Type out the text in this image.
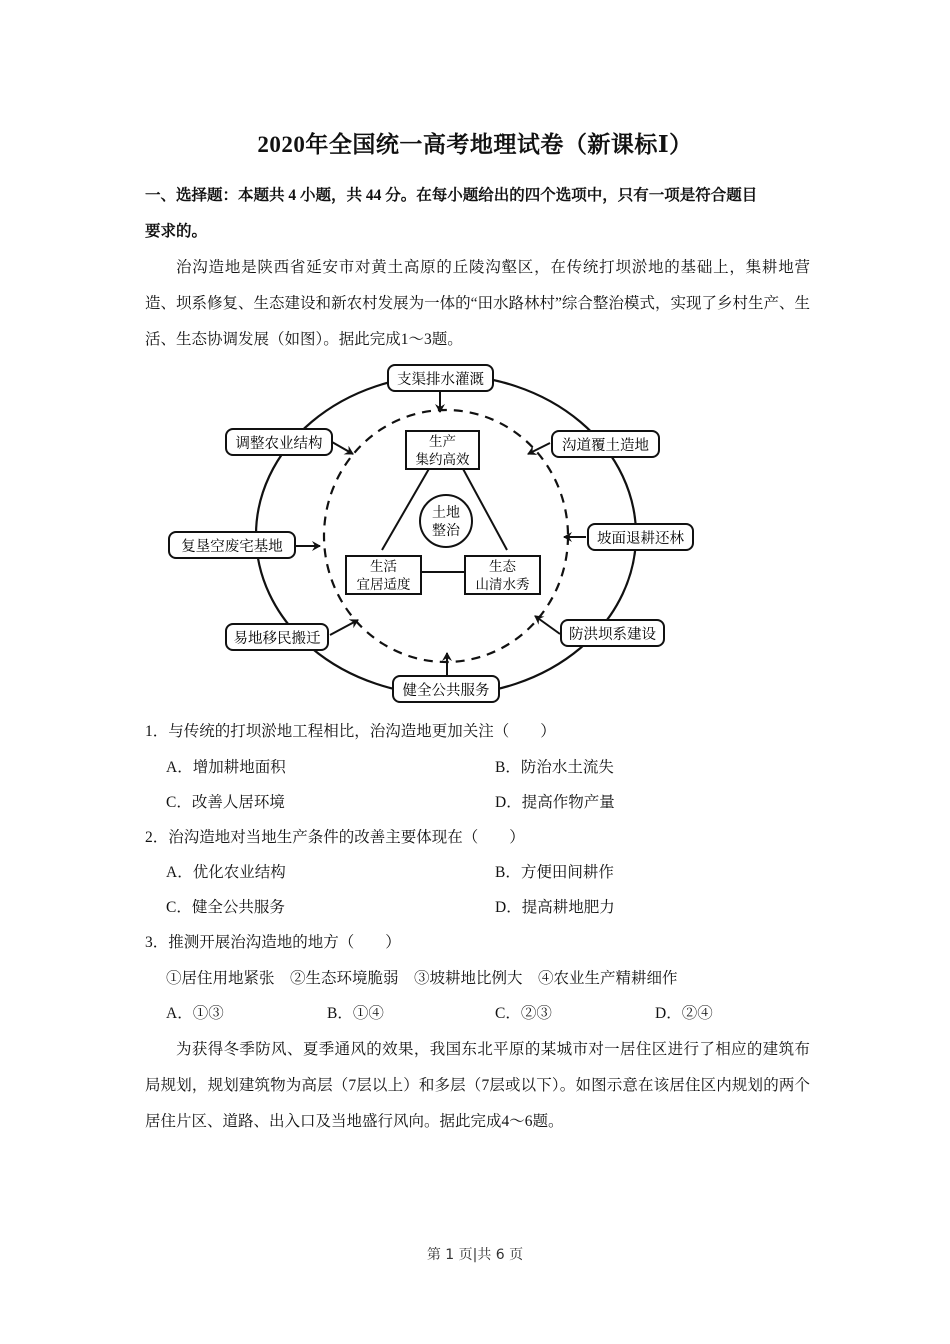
2020年全国统一高考地理试卷（新课标Ⅰ）
一、选择题：本题共 4 小题，共 44 分。在每小题给出的四个选项中，只有一项是符合题目
要求的。
治沟造地是陕西省延安市对黄土高原的丘陵沟壑区，在传统打坝淤地的基础上，集耕地营造、坝系修复、生态建设和新农村发展为一体的“田水路林村”综合整治模式，实现了乡村生产、生活、生态协调发展（如图）。据此完成1～3题。
土地
整治
生产
集约高效
生活
宜居适度
生态
山清水秀
支渠排水灌溉
调整农业结构	沟道覆土造地
复垦空废宅基地	坡面退耕还林
易地移民搬迁	防洪坝系建设
健全公共服务
1．与传统的打坝淤地工程相比，治沟造地更加关注（　　）
A．增加耕地面积	B．防治水土流失
C．改善人居环境	D．提高作物产量
2．治沟造地对当地生产条件的改善主要体现在（　　）
A．优化农业结构	B．方便田间耕作
C．健全公共服务	D．提高耕地肥力
3．推测开展治沟造地的地方（　　）
①居住用地紧张　②生态环境脆弱　③坡耕地比例大　④农业生产精耕细作
A．①③	B．①④	C．②③	D．②④
为获得冬季防风、夏季通风的效果，我国东北平原的某城市对一居住区进行了相应的建筑布局规划，规划建筑物为高层（7层以上）和多层（7层或以下）。如图示意在该居住区内规划的两个居住片区、道路、出入口及当地盛行风向。据此完成4～6题。
第 1 页|共 6 页
